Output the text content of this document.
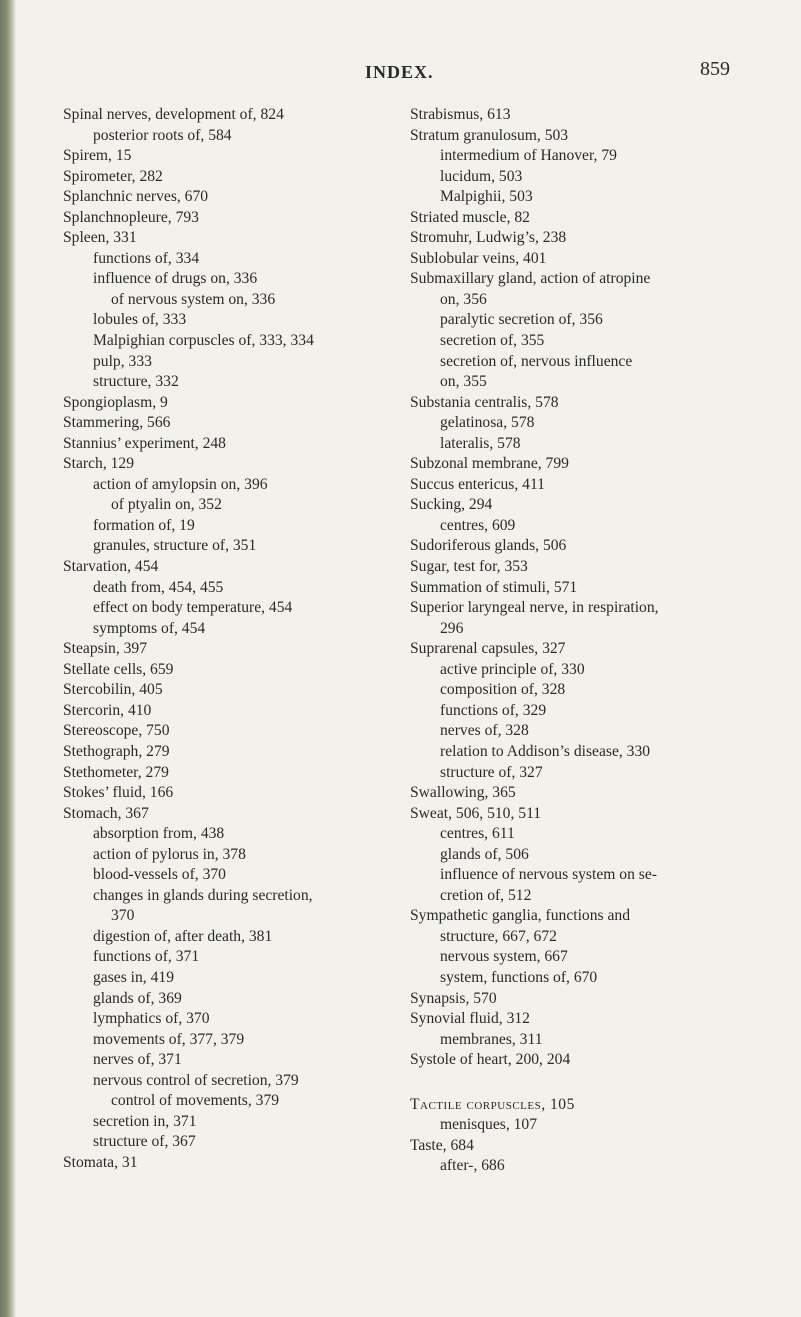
INDEX.	859
Spinal nerves, development of, 824
posterior roots of, 584
Spirem, 15
Spirometer, 282
Splanchnic nerves, 670
Splanchnopleure, 793
Spleen, 331
functions of, 334
influence of drugs on, 336
of nervous system on, 336
lobules of, 333
Malpighian corpuscles of, 333, 334
pulp, 333
structure, 332
Spongioplasm, 9
Stammering, 566
Stannius’ experiment, 248
Starch, 129
action of amylopsin on, 396
of ptyalin on, 352
formation of, 19
granules, structure of, 351
Starvation, 454
death from, 454, 455
effect on body temperature, 454
symptoms of, 454
Steapsin, 397
Stellate cells, 659
Stercobilin, 405
Stercorin, 410
Stereoscope, 750
Stethograph, 279
Stethometer, 279
Stokes’ fluid, 166
Stomach, 367
absorption from, 438
action of pylorus in, 378
blood-vessels of, 370
changes in glands during secretion,
370
digestion of, after death, 381
functions of, 371
gases in, 419
glands of, 369
lymphatics of, 370
movements of, 377, 379
nerves of, 371
nervous control of secretion, 379
control of movements, 379
secretion in, 371
structure of, 367
Stomata, 31
Strabismus, 613
Stratum granulosum, 503
intermedium of Hanover, 79
lucidum, 503
Malpighii, 503
Striated muscle, 82
Stromuhr, Ludwig’s, 238
Sublobular veins, 401
Submaxillary gland, action of atropine
on, 356
paralytic secretion of, 356
secretion of, 355
secretion of, nervous influence
on, 355
Substania centralis, 578
gelatinosa, 578
lateralis, 578
Subzonal membrane, 799
Succus entericus, 411
Sucking, 294
centres, 609
Sudoriferous glands, 506
Sugar, test for, 353
Summation of stimuli, 571
Superior laryngeal nerve, in respiration,
296
Suprarenal capsules, 327
active principle of, 330
composition of, 328
functions of, 329
nerves of, 328
relation to Addison’s disease, 330
structure of, 327
Swallowing, 365
Sweat, 506, 510, 511
centres, 611
glands of, 506
influence of nervous system on se-
cretion of, 512
Sympathetic ganglia, functions and
structure, 667, 672
nervous system, 667
system, functions of, 670
Synapsis, 570
Synovial fluid, 312
membranes, 311
Systole of heart, 200, 204
Tactile corpuscles, 105
menisques, 107
Taste, 684
after-, 686
